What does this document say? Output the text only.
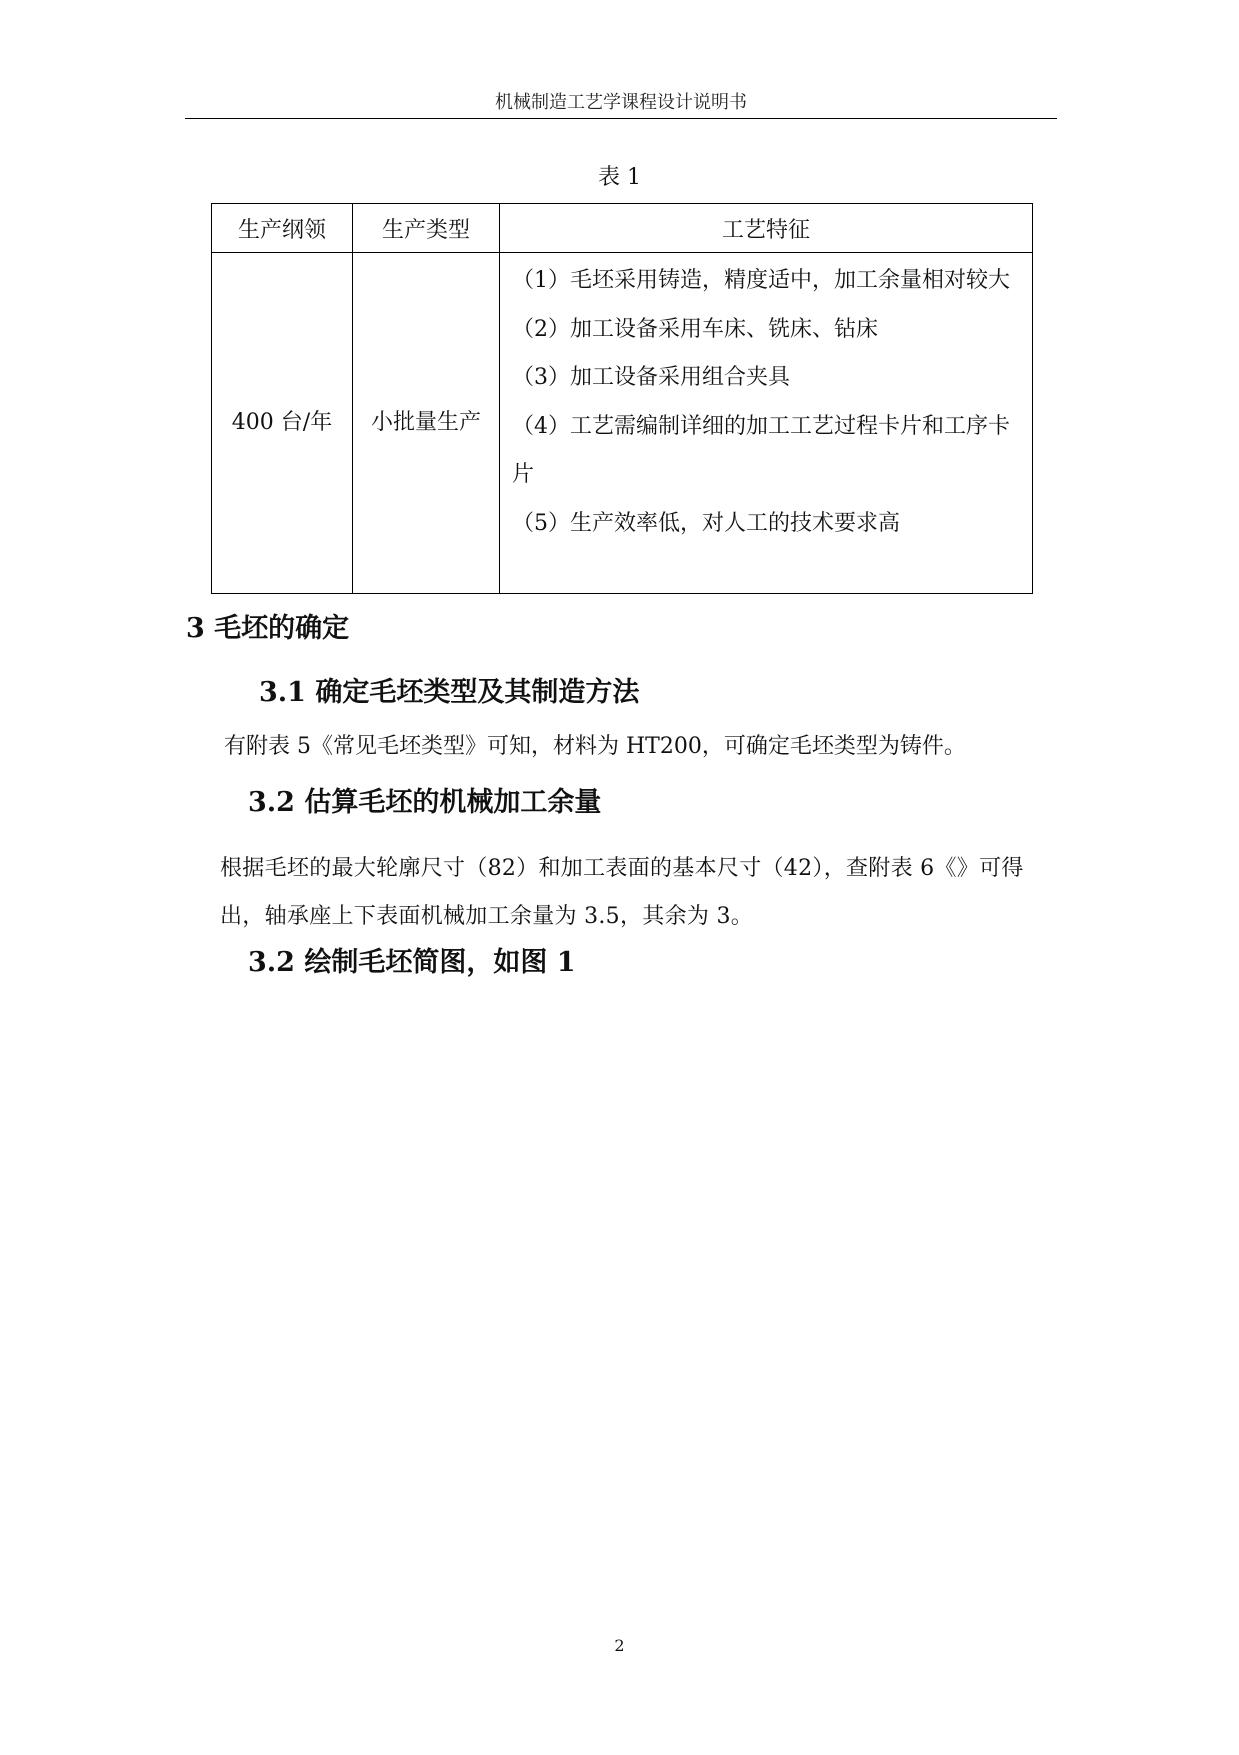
机械制造工艺学课程设计说明书
表 1
生产纲领	生产类型	工艺特征
400 台/年	小批量生产	（1）毛坯采用铸造，精度适中，加工余量相对较大
（2）加工设备采用车床、铣床、钻床
（3）加工设备采用组合夹具
（4）工艺需编制详细的加工工艺过程卡片和工序卡片
（5）生产效率低，对人工的技术要求高
3 毛坯的确定
3.1 确定毛坯类型及其制造方法
有附表 5《常见毛坯类型》可知，材料为 HT200，可确定毛坯类型为铸件。
3.2 估算毛坯的机械加工余量
根据毛坯的最大轮廓尺寸（82）和加工表面的基本尺寸（42），查附表 6《》可得出，轴承座上下表面机械加工余量为 3.5，其余为 3。
3.2 绘制毛坯简图，如图 1
2
